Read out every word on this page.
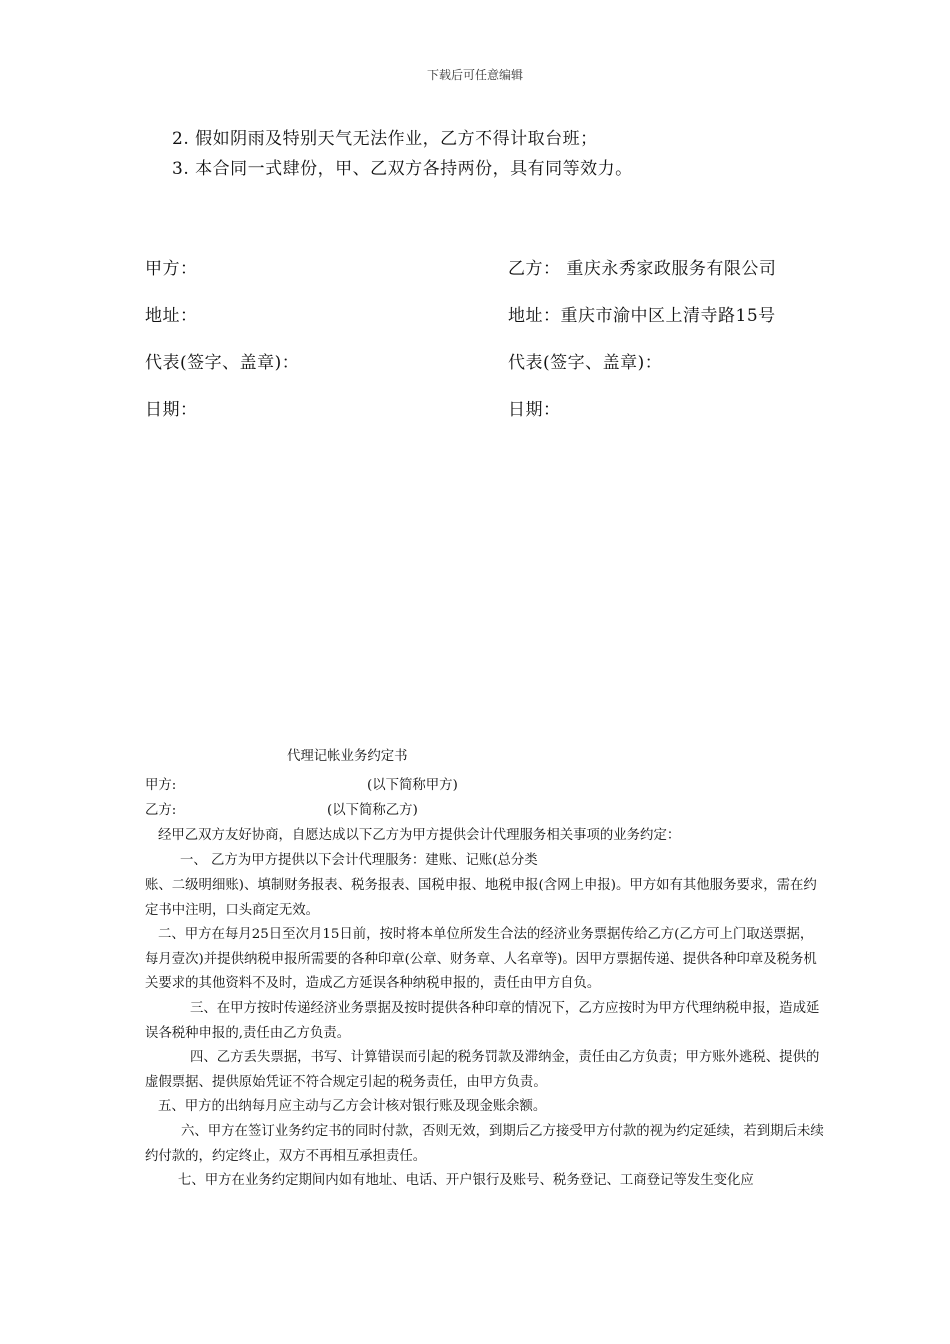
下载后可任意编辑
2. 假如阴雨及特别天气无法作业，乙方不得计取台班；
3. 本合同一式肆份，甲、乙双方各持两份，具有同等效力。
甲方：
地址：
代表(签字、盖章)：
日期：
乙方： 重庆永秀家政服务有限公司
地址：重庆市渝中区上清寺路15号
代表(签字、盖章)：
日期：
代理记帐业务约定书
甲方:	(以下简称甲方)
乙方:	(以下简称乙方)
经甲乙双方友好协商，自愿达成以下乙方为甲方提供会计代理服务相关事项的业务约定：
一、 乙方为甲方提供以下会计代理服务：建账、记账(总分类
账、二级明细账)、填制财务报表、税务报表、国税申报、地税申报(含网上申报)。甲方如有其他服务要求，需在约定书中注明，口头商定无效。
二、甲方在每月25日至次月15日前，按时将本单位所发生合法的经济业务票据传给乙方(乙方可上门取送票据，每月壹次)并提供纳税申报所需要的各种印章(公章、财务章、人名章等)。因甲方票据传递、提供各种印章及税务机关要求的其他资料不及时，造成乙方延误各种纳税申报的，责任由甲方自负。
三、在甲方按时传递经济业务票据及按时提供各种印章的情况下，乙方应按时为甲方代理纳税申报，造成延误各税种申报的,责任由乙方负责。
四、乙方丢失票据，书写、计算错误而引起的税务罚款及滞纳金，责任由乙方负责；甲方账外逃税、提供的虚假票据、提供原始凭证不符合规定引起的税务责任，由甲方负责。
五、甲方的出纳每月应主动与乙方会计核对银行账及现金账余额。
六、甲方在签订业务约定书的同时付款，否则无效，到期后乙方接受甲方付款的视为约定延续，若到期后未续约付款的，约定终止，双方不再相互承担责任。
七、甲方在业务约定期间内如有地址、电话、开户银行及账号、税务登记、工商登记等发生变化应
